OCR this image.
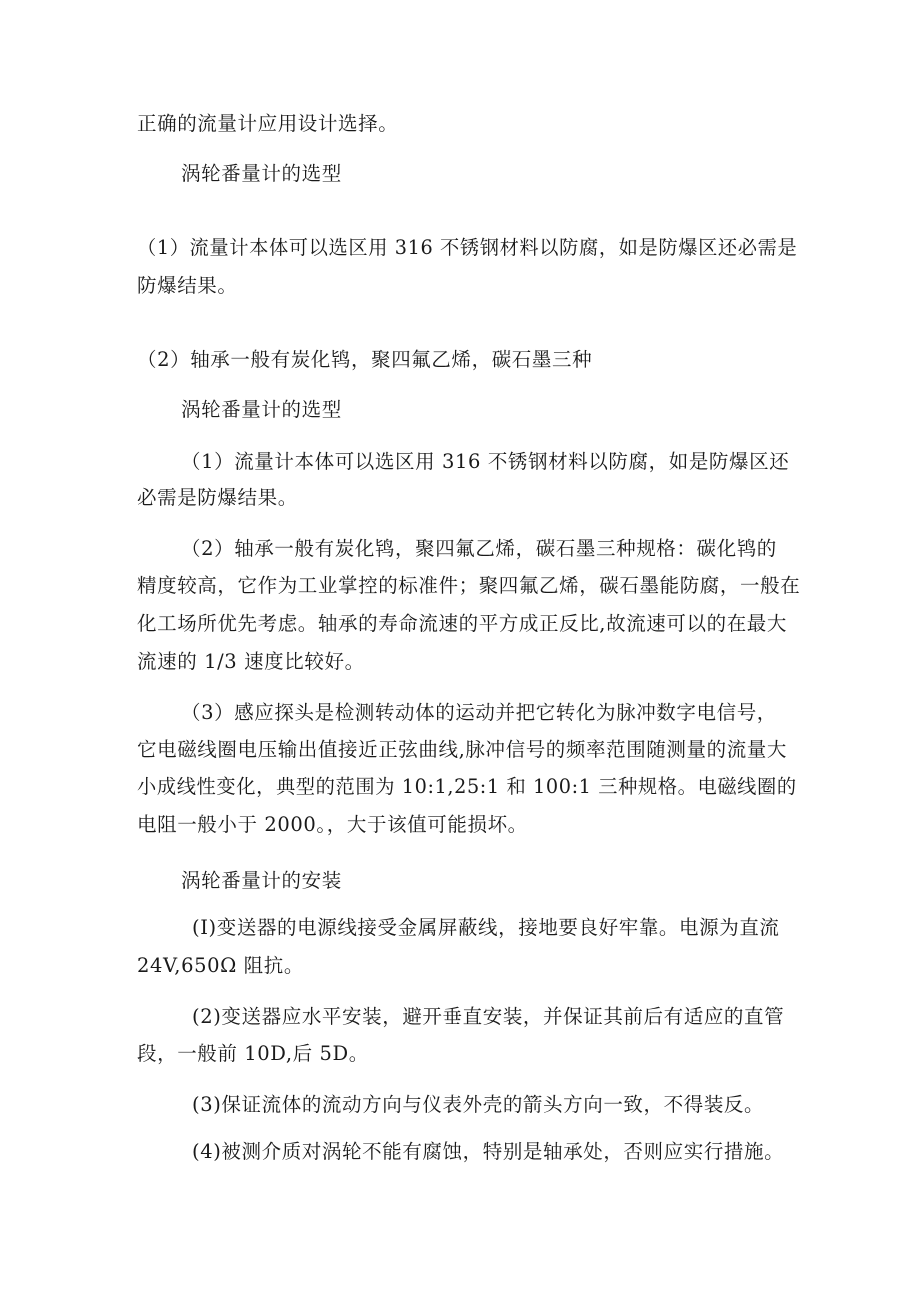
正确的流量计应用设计选择。
涡轮番量计的选型
（1）流量计本体可以选区用 316 不锈钢材料以防腐，如是防爆区还必需是
防爆结果。
（2）轴承一般有炭化鸨，聚四氟乙烯，碳石墨三种
涡轮番量计的选型
（1）流量计本体可以选区用 316 不锈钢材料以防腐，如是防爆区还
必需是防爆结果。
（2）轴承一般有炭化鸨，聚四氟乙烯，碳石墨三种规格：碳化鸨的
精度较高，它作为工业掌控的标准件；聚四氟乙烯，碳石墨能防腐，一般在
化工场所优先考虑。轴承的寿命流速的平方成正反比,故流速可以的在最大
流速的 1/3 速度比较好。
（3）感应探头是检测转动体的运动并把它转化为脉冲数字电信号，
它电磁线圈电压输出值接近正弦曲线,脉冲信号的频率范围随测量的流量大
小成线性变化，典型的范围为 10:1,25:1 和 100:1 三种规格。电磁线圈的
电阻一般小于 2000。，大于该值可能损坏。
涡轮番量计的安装
(I)变送器的电源线接受金属屏蔽线，接地要良好牢靠。电源为直流
24V,650Ω 阻抗。
(2)变送器应水平安装，避开垂直安装，并保证其前后有适应的直管
段，一般前 10D,后 5D。
(3)保证流体的流动方向与仪表外壳的箭头方向一致，不得装反。
(4)被测介质对涡轮不能有腐蚀，特别是轴承处，否则应实行措施。
